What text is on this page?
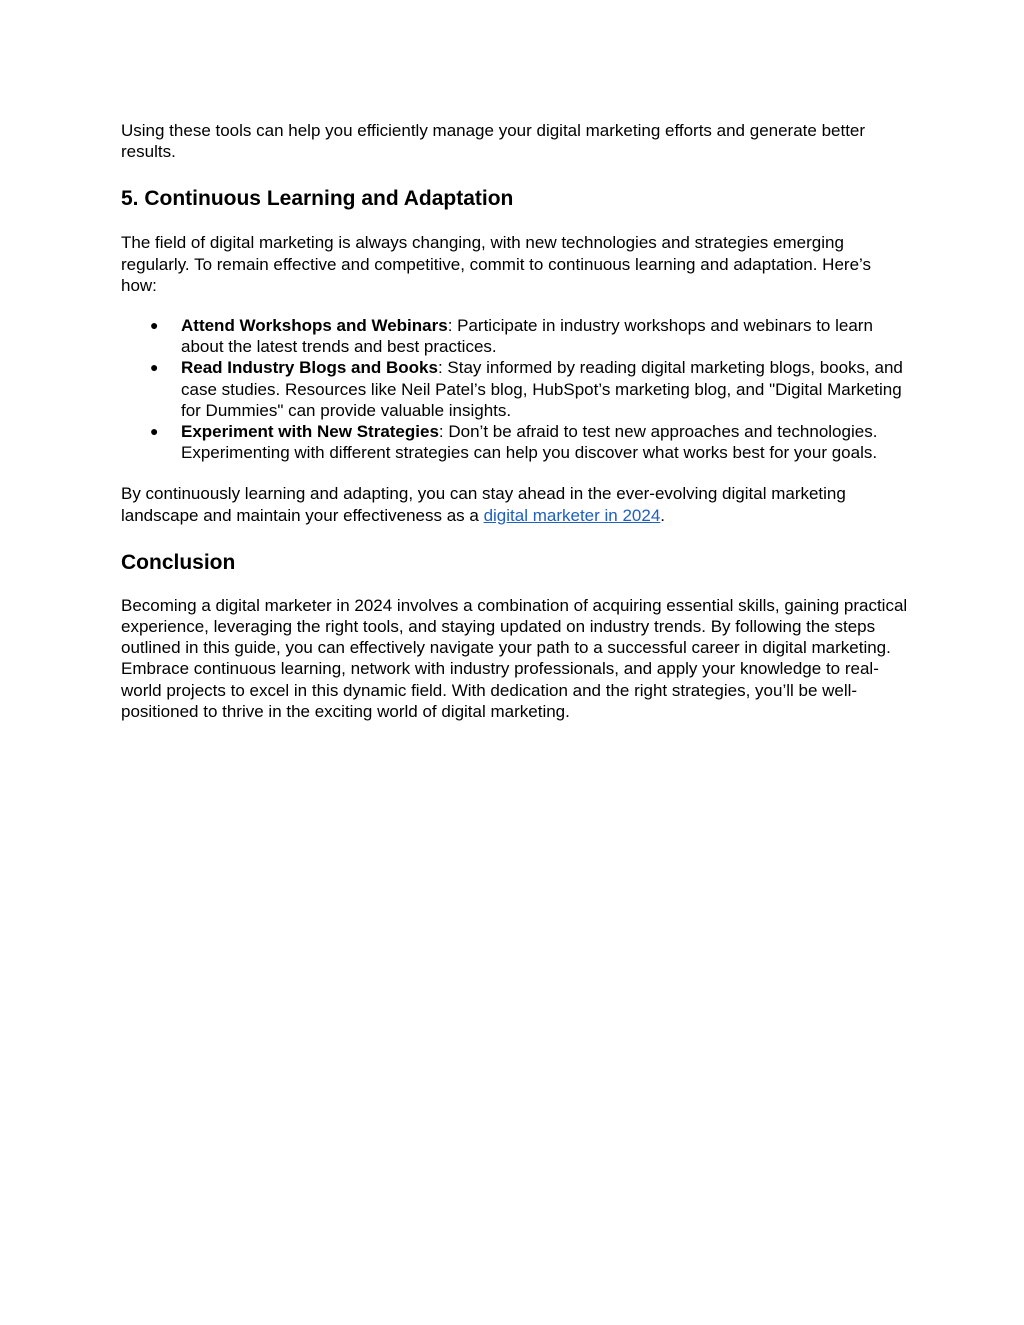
Using these tools can help you efficiently manage your digital marketing efforts and generate better results.

5. Continuous Learning and Adaptation

The field of digital marketing is always changing, with new technologies and strategies emerging regularly. To remain effective and competitive, commit to continuous learning and adaptation. Here’s how:

● Attend Workshops and Webinars: Participate in industry workshops and webinars to learn about the latest trends and best practices.
● Read Industry Blogs and Books: Stay informed by reading digital marketing blogs, books, and case studies. Resources like Neil Patel’s blog, HubSpot’s marketing blog, and "Digital Marketing for Dummies" can provide valuable insights.
● Experiment with New Strategies: Don’t be afraid to test new approaches and technologies. Experimenting with different strategies can help you discover what works best for your goals.

By continuously learning and adapting, you can stay ahead in the ever-evolving digital marketing landscape and maintain your effectiveness as a digital marketer in 2024.

Conclusion

Becoming a digital marketer in 2024 involves a combination of acquiring essential skills, gaining practical experience, leveraging the right tools, and staying updated on industry trends. By following the steps outlined in this guide, you can effectively navigate your path to a successful career in digital marketing. Embrace continuous learning, network with industry professionals, and apply your knowledge to real-world projects to excel in this dynamic field. With dedication and the right strategies, you’ll be well-positioned to thrive in the exciting world of digital marketing.
